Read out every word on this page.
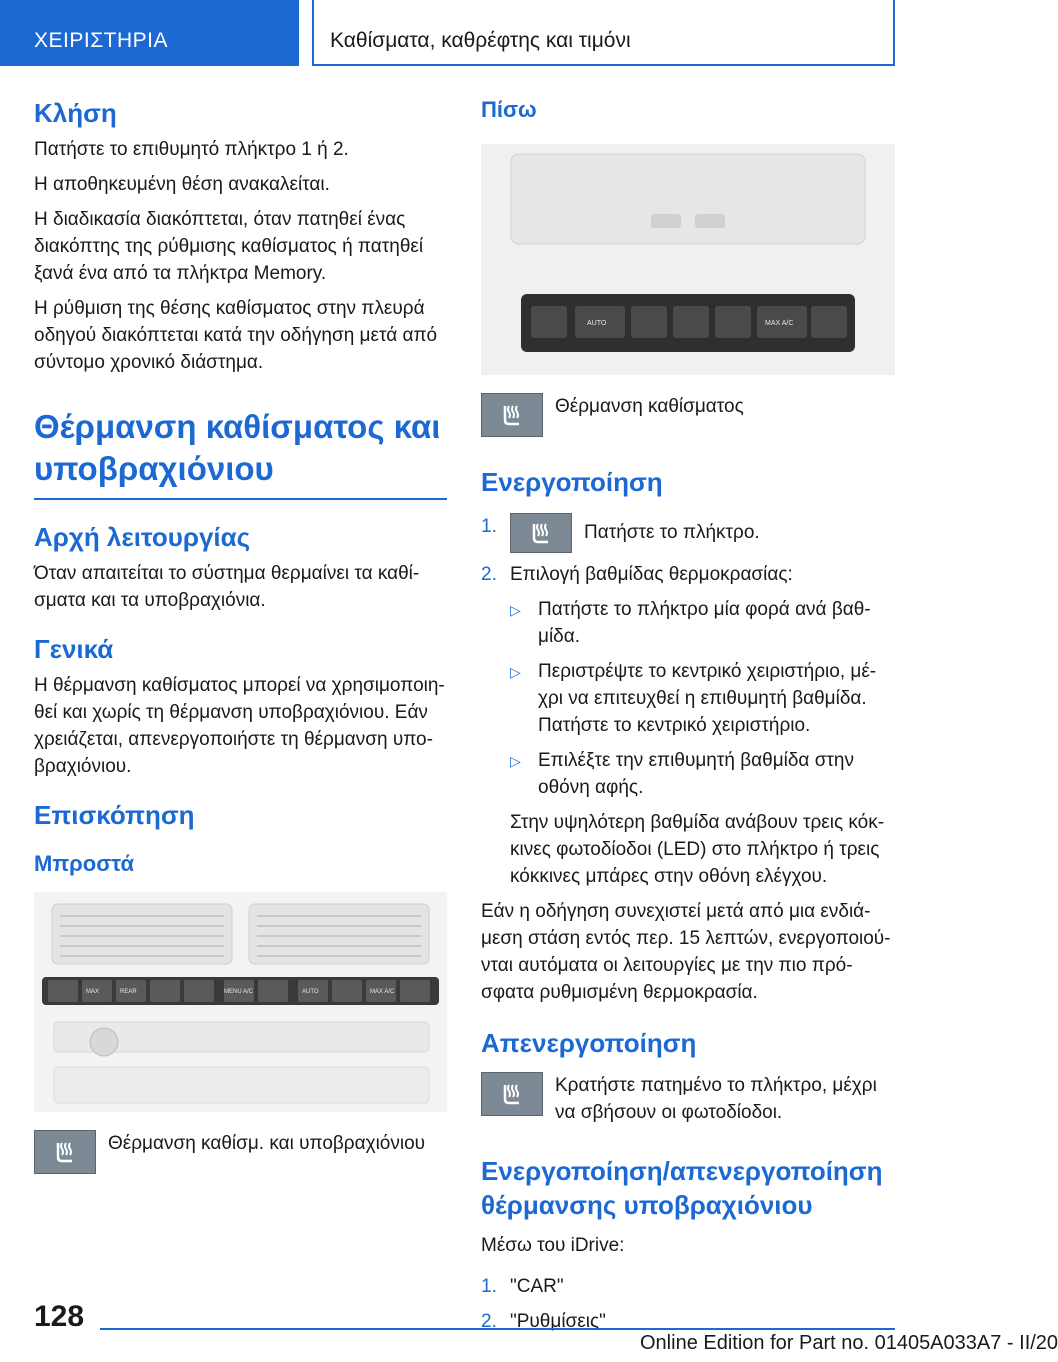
ΧΕΙΡΙΣΤΗΡΙΑ	Καθίσματα, καθρέφτης και τιμόνι
Κλήση

Πατήστε το επιθυμητό πλήκτρο 1 ή 2.

Η αποθηκευμένη θέση ανακαλείται.

Η διαδικασία διακόπτεται, όταν πατηθεί ένας
διακόπτης της ρύθμισης καθίσματος ή πατηθεί
ξανά ένα από τα πλήκτρα Memory.

Η ρύθμιση της θέσης καθίσματος στην πλευρά
οδηγού διακόπτεται κατά την οδήγηση μετά από
σύντομο χρονικό διάστημα.

Θέρμανση καθίσματος και
υποβραχιόνιου
Αρχή λειτουργίας

Όταν απαιτείται το σύστημα θερμαίνει τα καθί-
σματα και τα υποβραχιόνια.

Γενικά

Η θέρμανση καθίσματος μπορεί να χρησιμοποιη-
θεί και χωρίς τη θέρμανση υποβραχιόνιου. Εάν
χρειάζεται, απενεργοποιήστε τη θέρμανση υπο-
βραχιόνιου.

Επισκόπηση
Μπροστά
MAX	REAR	MENU A/C	AUTO	MAX A/C
Θέρμανση καθίσμ. και υποβραχιόνιου
Πίσω
AUTO	MAX A/C
Θέρμανση καθίσματος
Ενεργοποίηση
1.	Πατήστε το πλήκτρο.
2. Επιλογή βαθμίδας θερμοκρασίας:
▷ Πατήστε το πλήκτρο μία φορά ανά βαθ-
μίδα.
▷ Περιστρέψτε το κεντρικό χειριστήριο, μέ-
χρι να επιτευχθεί η επιθυμητή βαθμίδα.
Πατήστε το κεντρικό χειριστήριο.
▷ Επιλέξτε την επιθυμητή βαθμίδα στην
οθόνη αφής.

Στην υψηλότερη βαθμίδα ανάβουν τρεις κόκ-
κινες φωτοδίοδοι (LED) στο πλήκτρο ή τρεις
κόκκινες μπάρες στην οθόνη ελέγχου.

Εάν η οδήγηση συνεχιστεί μετά από μια ενδιά-
μεση στάση εντός περ. 15 λεπτών, ενεργοποιού-
νται αυτόματα οι λειτουργίες με την πιο πρό-
σφατα ρυθμισμένη θερμοκρασία.

Απενεργοποίηση
Κρατήστε πατημένο το πλήκτρο, μέχρι
να σβήσουν οι φωτοδίοδοι.
Ενεργοποίηση/απενεργοποίηση
θέρμανσης υποβραχιόνιου

Μέσω του iDrive:

1. "CAR"
2. "Ρυθμίσεις"
128
Online Edition for Part no. 01405A033A7 - II/20
